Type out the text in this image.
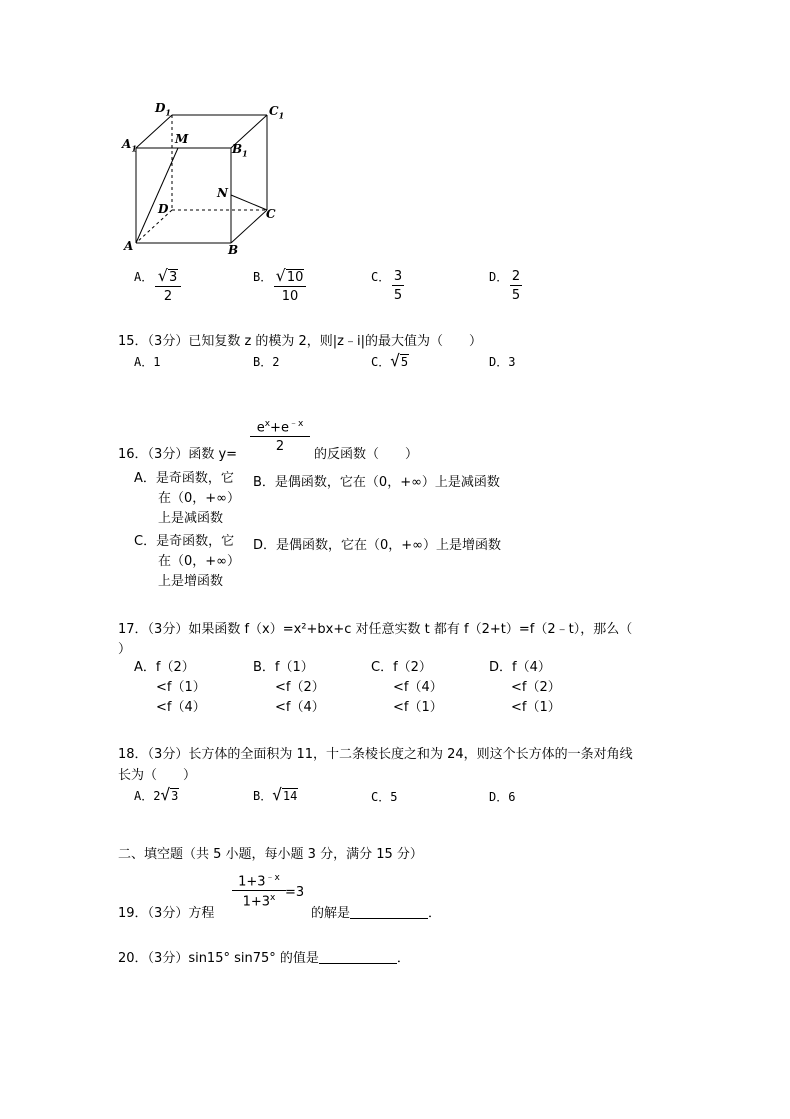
$D_1$	$C_1$
$A_1$
M
$B_1$
N
D	C
A	B
A． $\frac{√3}{2}$	B． $\frac{√10}{10}$	C． $\frac{3}{5}$	D． $\frac{2}{5}$
15．（3分）已知复数 z 的模为 2，则|z﹣i|的最大值为（　　）
A．1	B．2	C．√5	D．3
16．（3分）函数 y=
$\frac{e^x+e^{﹣x}}{2}$
的反函数（　　）
A．是奇函数，它
在（0，+∞）
上是减函数
B．是偶函数，它在（0，+∞）上是减函数
C．是奇函数，它
在（0，+∞）
上是增函数
D．是偶函数，它在（0，+∞）上是增函数
17．（3分）如果函数 f（x）=x²+bx+c 对任意实数 t 都有 f（2+t）=f（2﹣t），那么（
）
A．f（2）
<f（1）
<f（4）
B．f（1）
<f（2）
<f（4）
C．f（2）
<f（4）
<f（1）
D．f（4）
<f（2）
<f（1）
18．（3分）长方体的全面积为 11，十二条棱长度之和为 24，则这个长方体的一条对角线
长为（　　）
A．2√3	B．√14	C．5	D．6
二、填空题（共 5 小题，每小题 3 分，满分 15 分）
19．（3分）方程
$\frac{1+3^{﹣x}}{1+3^x} =3$
的解是	．
20．（3分）sin15° sin75° 的值是	．
